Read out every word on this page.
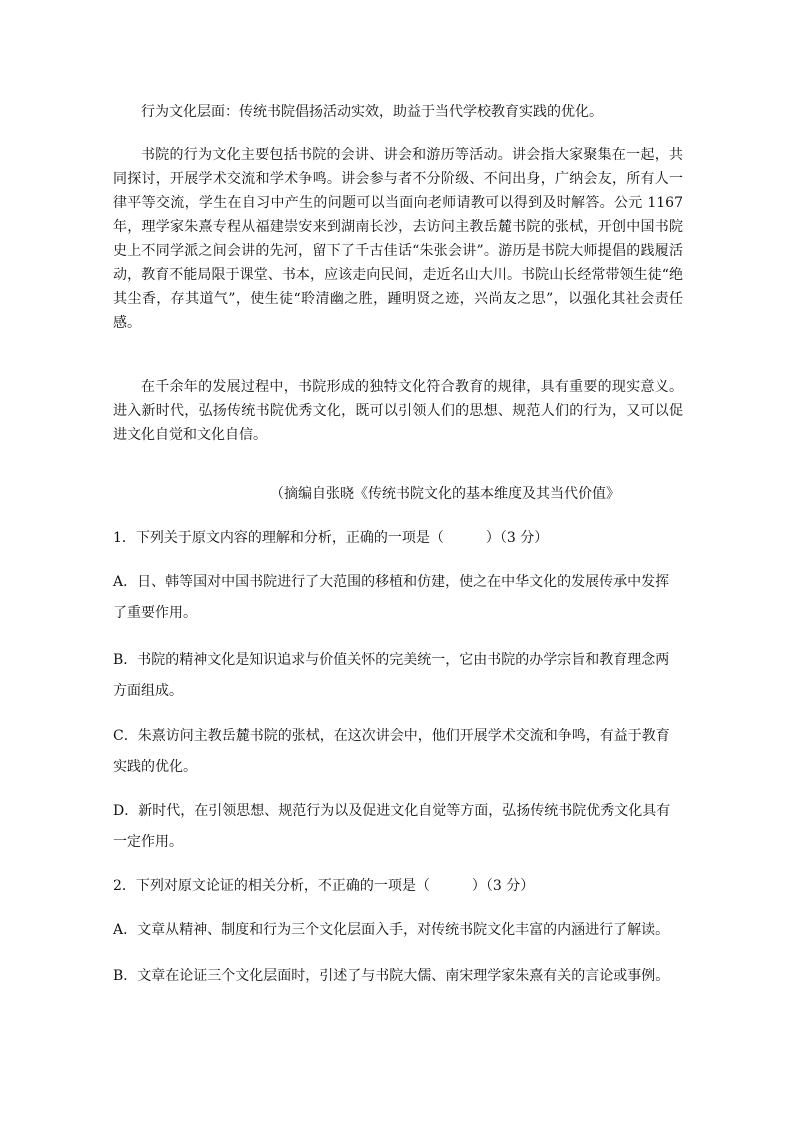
行为文化层面：传统书院倡扬活动实效，助益于当代学校教育实践的优化。

书院的行为文化主要包括书院的会讲、讲会和游历等活动。讲会指大家聚集在一起，共同探讨，开展学术交流和学术争鸣。讲会参与者不分阶级、不问出身，广纳会友，所有人一律平等交流，学生在自习中产生的问题可以当面向老师请教可以得到及时解答。公元 1167 年，理学家朱熹专程从福建崇安来到湖南长沙，去访问主教岳麓书院的张栻，开创中国书院史上不同学派之间会讲的先河，留下了千古佳话“朱张会讲”。游历是书院大师提倡的践履活动，教育不能局限于课堂、书本，应该走向民间，走近名山大川。书院山长经常带领生徒“绝其尘香，存其道气”，使生徒“聆清幽之胜，踵明贤之迹，兴尚友之思”，以强化其社会责任感。

在千余年的发展过程中，书院形成的独特文化符合教育的规律，具有重要的现实意义。进入新时代，弘扬传统书院优秀文化，既可以引领人们的思想、规范人们的行为，又可以促进文化自觉和文化自信。

（摘编自张晓《传统书院文化的基本维度及其当代价值》

1．下列关于原文内容的理解和分析，正确的一项是（　　　）（3 分）

A．日、韩等国对中国书院进行了大范围的移植和仿建，使之在中华文化的发展传承中发挥了重要作用。

B．书院的精神文化是知识追求与价值关怀的完美统一，它由书院的办学宗旨和教育理念两方面组成。

C．朱熹访问主教岳麓书院的张栻，在这次讲会中，他们开展学术交流和争鸣，有益于教育实践的优化。

D．新时代，在引领思想、规范行为以及促进文化自觉等方面，弘扬传统书院优秀文化具有一定作用。

2．下列对原文论证的相关分析，不正确的一项是（　　　）（3 分）

A．文章从精神、制度和行为三个文化层面入手，对传统书院文化丰富的内涵进行了解读。

B．文章在论证三个文化层面时，引述了与书院大儒、南宋理学家朱熹有关的言论或事例。
